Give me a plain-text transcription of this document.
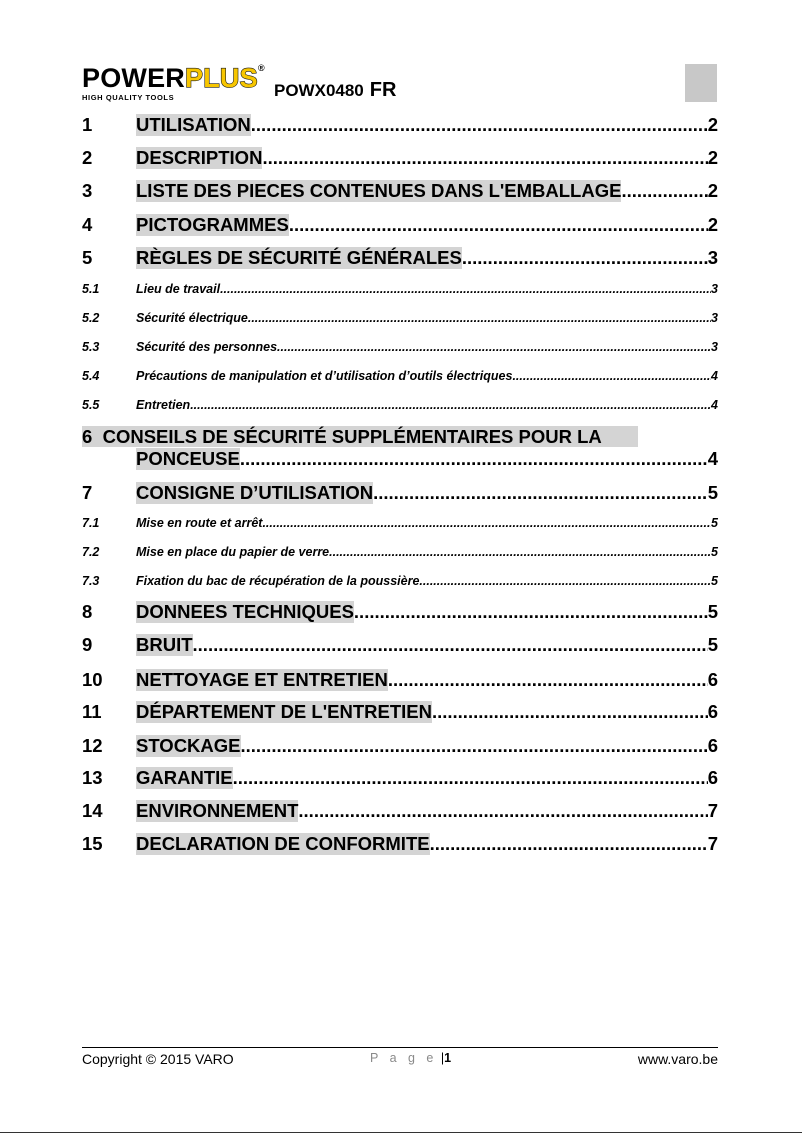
POWERPLUS ®
HIGH QUALITY TOOLS	POWX0480 FR
1 UTILISATION .....	2
2 DESCRIPTION .....	2
3 LISTE DES PIECES CONTENUES DANS L'EMBALLAGE .....	2
4 PICTOGRAMMES .....	2
5 RÈGLES DE SÉCURITÉ GÉNÉRALES .....	3
5.1	Lieu de travail .....	3
5.2	Sécurité électrique .....	3
5.3	Sécurité des personnes .....	3
5.4	Précautions de manipulation et d’utilisation d’outils électriques .....	4
5.5	Entretien .....	4
6 CONSEILS DE SÉCURITÉ SUPPLÉMENTAIRES POUR LA
PONCEUSE .....	4
7 CONSIGNE D’UTILISATION .....	5
7.1	Mise en route et arrêt .....	5
7.2	Mise en place du papier de verre .....	5
7.3	Fixation du bac de récupération de la poussière .....	5
8 DONNEES TECHNIQUES .....	5
9 BRUIT .....	5
10 NETTOYAGE ET ENTRETIEN .....	6
11 DÉPARTEMENT DE L'ENTRETIEN .....	6
12 STOCKAGE .....	6
13 GARANTIE .....	6
14 ENVIRONNEMENT .....	7
15 DECLARATION DE CONFORMITE .....	7
Copyright © 2015 VARO	P a g e |1	www.varo.be
